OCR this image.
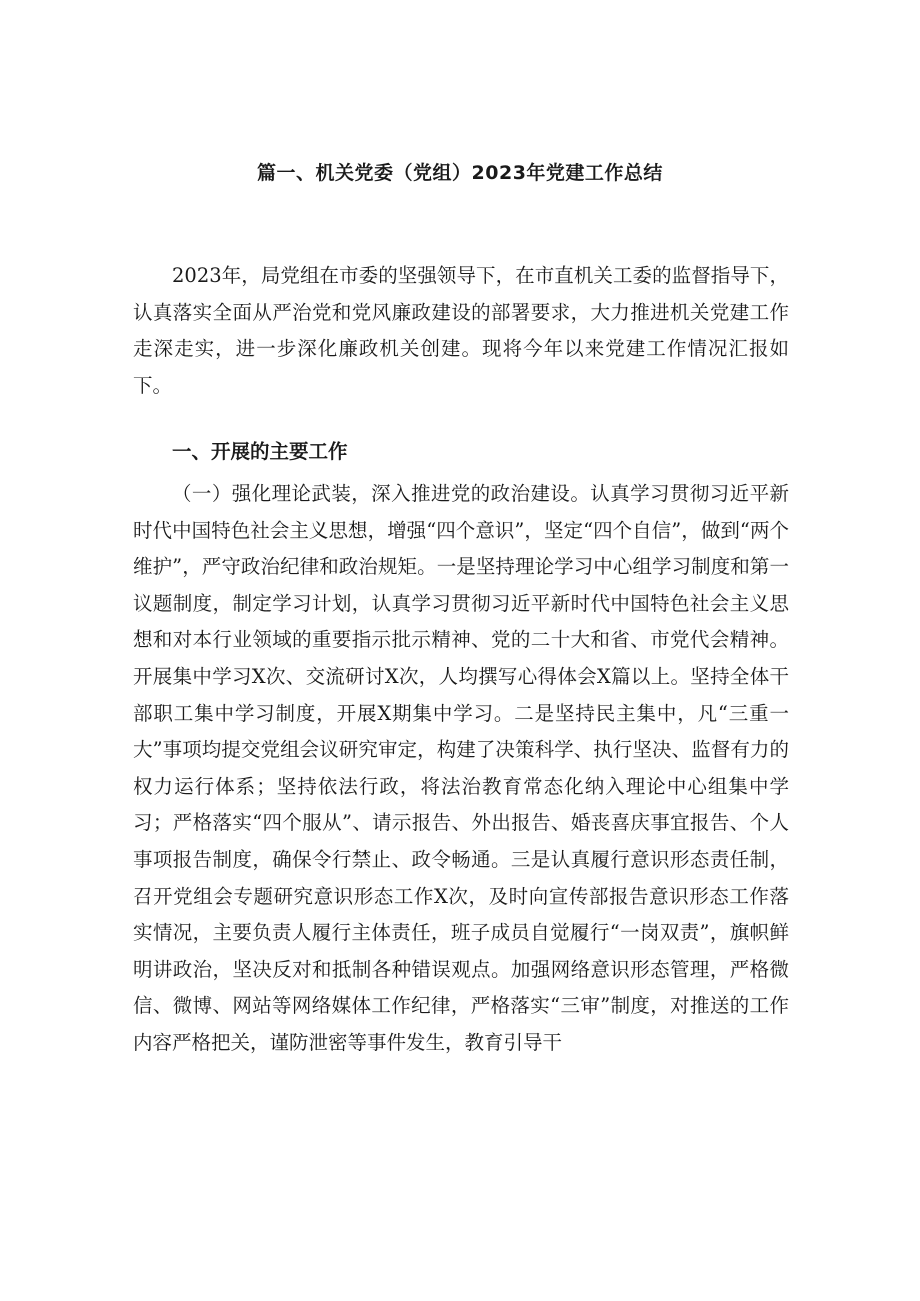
篇一、机关党委（党组）2023年党建工作总结

2023年，局党组在市委的坚强领导下，在市直机关工委的监督指导下，认真落实全面从严治党和党风廉政建设的部署要求，大力推进机关党建工作走深走实，进一步深化廉政机关创建。现将今年以来党建工作情况汇报如下。

一、开展的主要工作

（一）强化理论武装，深入推进党的政治建设。认真学习贯彻习近平新时代中国特色社会主义思想，增强“四个意识”，坚定“四个自信”，做到“两个维护”，严守政治纪律和政治规矩。一是坚持理论学习中心组学习制度和第一议题制度，制定学习计划，认真学习贯彻习近平新时代中国特色社会主义思想和对本行业领域的重要指示批示精神、党的二十大和省、市党代会精神。开展集中学习X次、交流研讨X次，人均撰写心得体会X篇以上。坚持全体干部职工集中学习制度，开展X期集中学习。二是坚持民主集中，凡“三重一大”事项均提交党组会议研究审定，构建了决策科学、执行坚决、监督有力的权力运行体系；坚持依法行政，将法治教育常态化纳入理论中心组集中学习；严格落实“四个服从”、请示报告、外出报告、婚丧喜庆事宜报告、个人事项报告制度，确保令行禁止、政令畅通。三是认真履行意识形态责任制，召开党组会专题研究意识形态工作X次，及时向宣传部报告意识形态工作落实情况，主要负责人履行主体责任，班子成员自觉履行“一岗双责”，旗帜鲜明讲政治，坚决反对和抵制各种错误观点。加强网络意识形态管理，严格微信、微博、网站等网络媒体工作纪律，严格落实“三审”制度，对推送的工作内容严格把关，谨防泄密等事件发生，教育引导干
